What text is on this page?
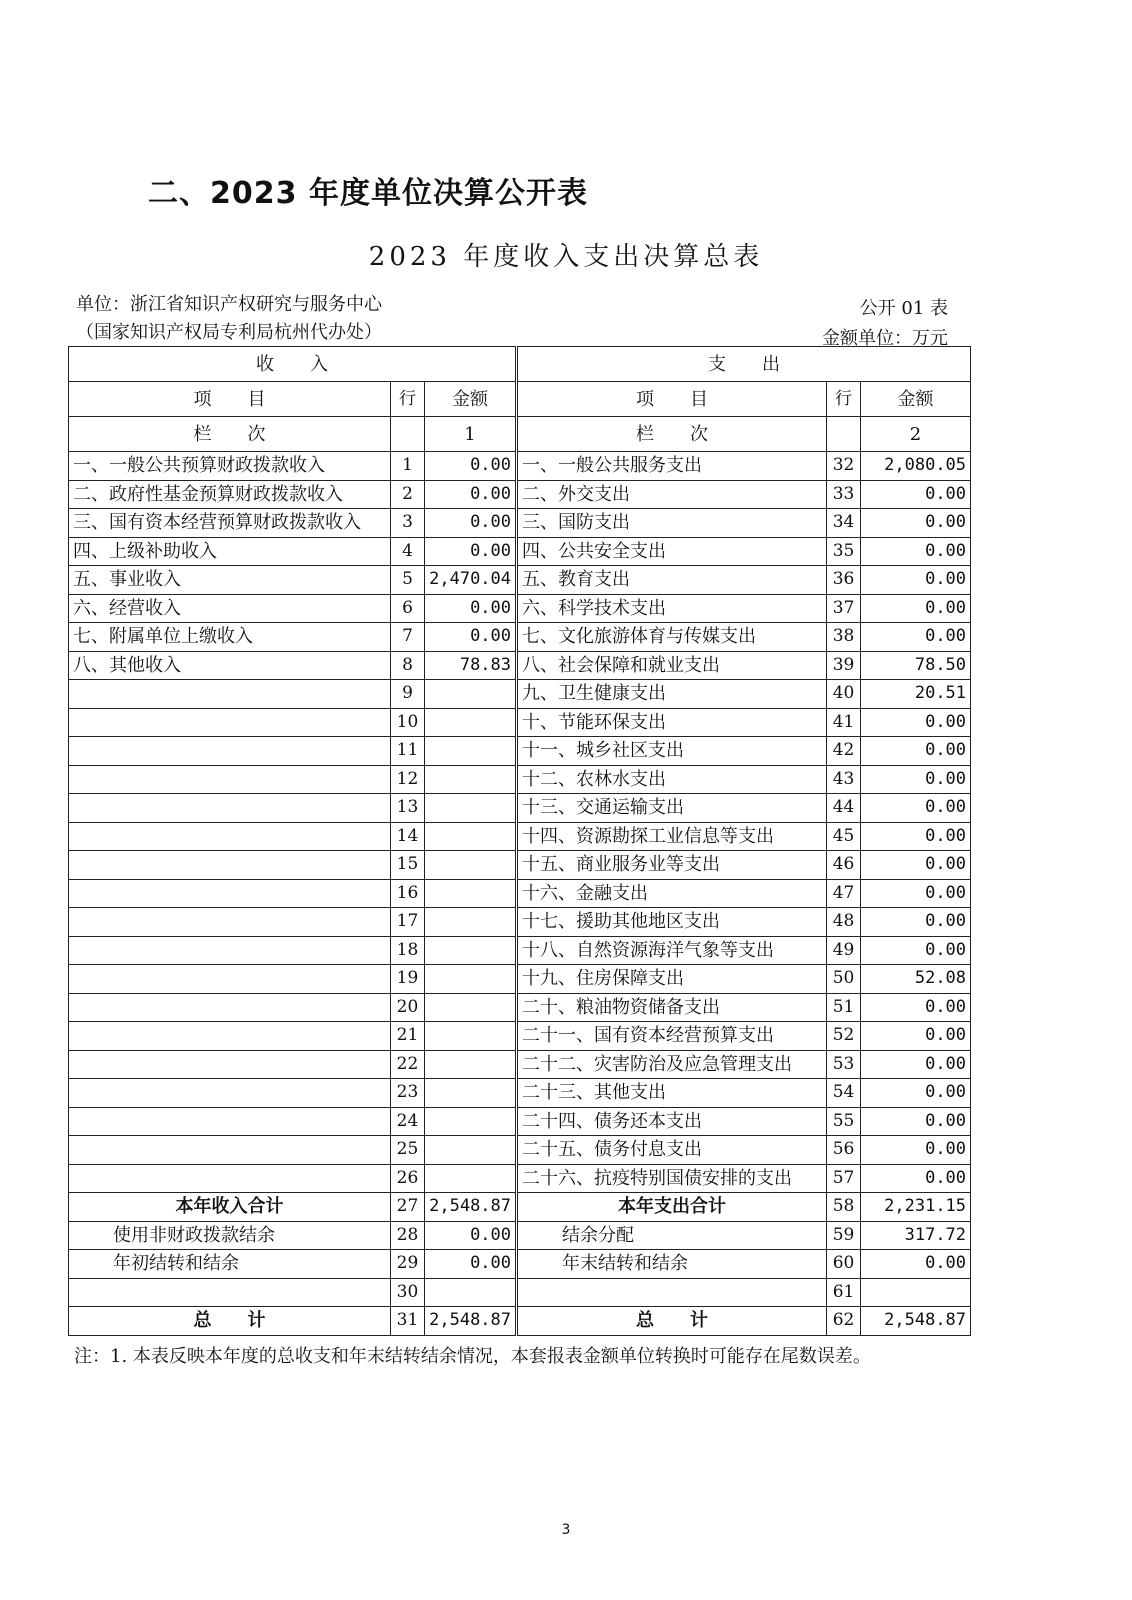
二、2023 年度单位决算公开表
2023 年度收入支出决算总表
单位：浙江省知识产权研究与服务中心
（国家知识产权局专利局杭州代办处）
公开 01 表
金额单位：万元
收　　入			支　　出		
项　　目	行	金额	项　　目	行	金额
栏　　次		1	栏　　次		2
一、一般公共预算财政拨款收入	1	0.00	一、一般公共服务支出	32	2,080.05
二、政府性基金预算财政拨款收入	2	0.00	二、外交支出	33	0.00
三、国有资本经营预算财政拨款收入	3	0.00	三、国防支出	34	0.00
四、上级补助收入	4	0.00	四、公共安全支出	35	0.00
五、事业收入	5	2,470.04	五、教育支出	36	0.00
六、经营收入	6	0.00	六、科学技术支出	37	0.00
七、附属单位上缴收入	7	0.00	七、文化旅游体育与传媒支出	38	0.00
八、其他收入	8	78.83	八、社会保障和就业支出	39	78.50
	9		九、卫生健康支出	40	20.51
	10		十、节能环保支出	41	0.00
	11		十一、城乡社区支出	42	0.00
	12		十二、农林水支出	43	0.00
	13		十三、交通运输支出	44	0.00
	14		十四、资源勘探工业信息等支出	45	0.00
	15		十五、商业服务业等支出	46	0.00
	16		十六、金融支出	47	0.00
	17		十七、援助其他地区支出	48	0.00
	18		十八、自然资源海洋气象等支出	49	0.00
	19		十九、住房保障支出	50	52.08
	20		二十、粮油物资储备支出	51	0.00
	21		二十一、国有资本经营预算支出	52	0.00
	22		二十二、灾害防治及应急管理支出	53	0.00
	23		二十三、其他支出	54	0.00
	24		二十四、债务还本支出	55	0.00
	25		二十五、债务付息支出	56	0.00
	26		二十六、抗疫特别国债安排的支出	57	0.00
本年收入合计	27	2,548.87	本年支出合计	58	2,231.15
使用非财政拨款结余	28	0.00	结余分配	59	317.72
年初结转和结余	29	0.00	年末结转和结余	60	0.00
	30			61	
总　　计	31	2,548.87	总　　计	62	2,548.87
注：1. 本表反映本年度的总收支和年末结转结余情况，本套报表金额单位转换时可能存在尾数误差。
3
